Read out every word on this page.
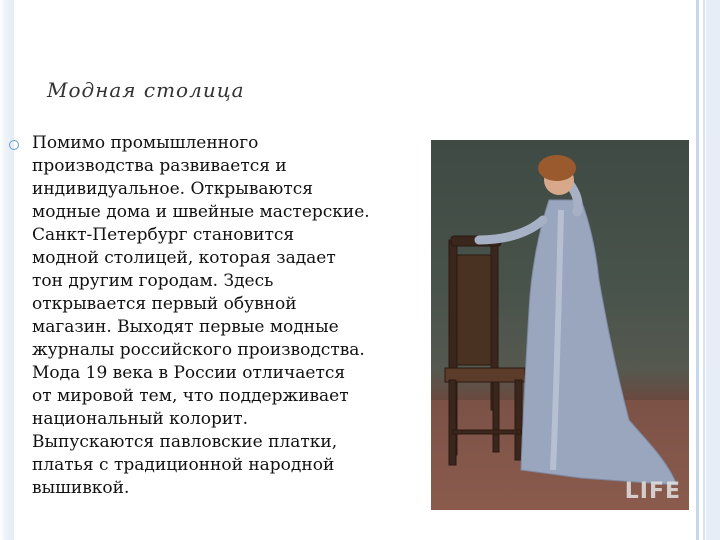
Модная столица
Помимо промышленного
производства развивается и
индивидуальное. Открываются
модные дома и швейные мастерские.
Санкт-Петербург становится
модной столицей, которая задает
тон другим городам. Здесь
открывается первый обувной
магазин. Выходят первые модные
журналы российского производства.
Мода 19 века в России отличается
от мировой тем, что поддерживает
национальный колорит.
Выпускаются павловские платки,
платья с традиционной народной
вышивкой.	LIFE
